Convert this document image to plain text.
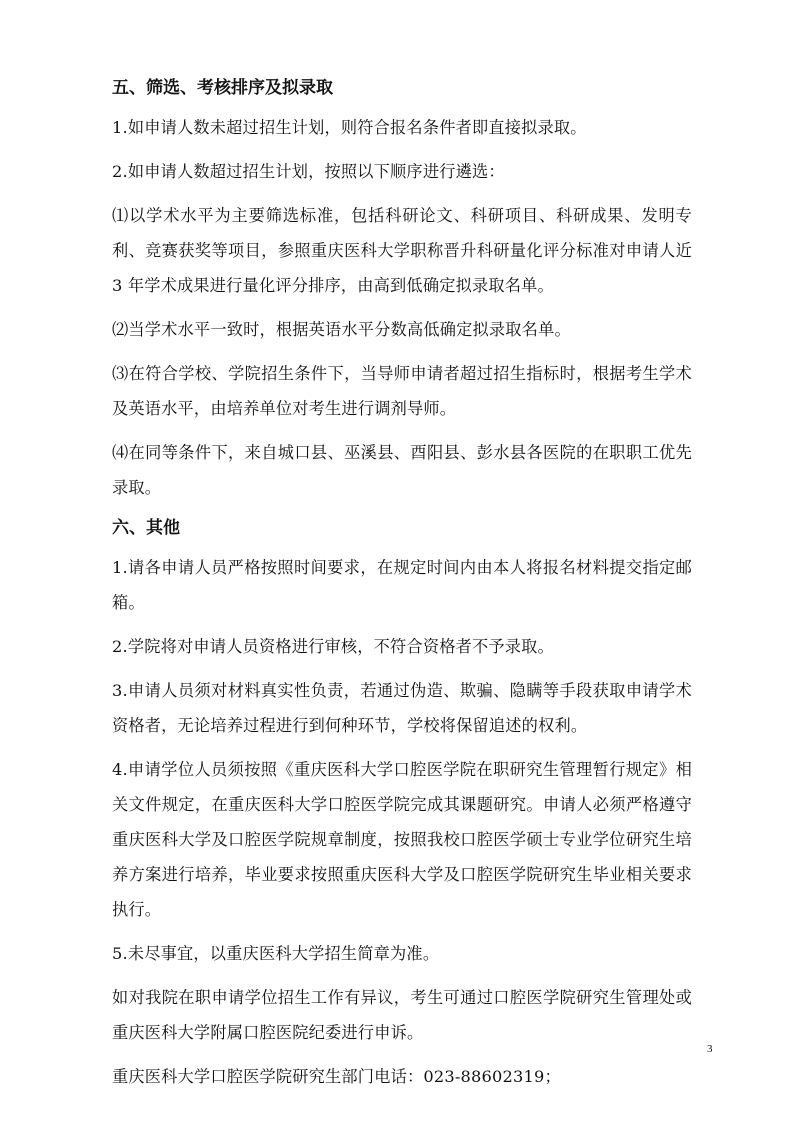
五、筛选、考核排序及拟录取

1.如申请人数未超过招生计划，则符合报名条件者即直接拟录取。

2.如申请人数超过招生计划，按照以下顺序进行遴选：

⑴以学术水平为主要筛选标准，包括科研论文、科研项目、科研成果、发明专利、竞赛获奖等项目，参照重庆医科大学职称晋升科研量化评分标准对申请人近 3 年学术成果进行量化评分排序，由高到低确定拟录取名单。

⑵当学术水平一致时，根据英语水平分数高低确定拟录取名单。

⑶在符合学校、学院招生条件下，当导师申请者超过招生指标时，根据考生学术及英语水平，由培养单位对考生进行调剂导师。

⑷在同等条件下，来自城口县、巫溪县、酉阳县、彭水县各医院的在职职工优先录取。

六、其他

1.请各申请人员严格按照时间要求，在规定时间内由本人将报名材料提交指定邮箱。

2.学院将对申请人员资格进行审核，不符合资格者不予录取。

3.申请人员须对材料真实性负责，若通过伪造、欺骗、隐瞒等手段获取申请学术资格者，无论培养过程进行到何种环节，学校将保留追述的权利。

4.申请学位人员须按照《重庆医科大学口腔医学院在职研究生管理暂行规定》相关文件规定，在重庆医科大学口腔医学院完成其课题研究。申请人必须严格遵守重庆医科大学及口腔医学院规章制度，按照我校口腔医学硕士专业学位研究生培养方案进行培养，毕业要求按照重庆医科大学及口腔医学院研究生毕业相关要求执行。

5.未尽事宜，以重庆医科大学招生简章为准。

如对我院在职申请学位招生工作有异议，考生可通过口腔医学院研究生管理处或重庆医科大学附属口腔医院纪委进行申诉。

重庆医科大学口腔医学院研究生部门电话：023-88602319；

3
